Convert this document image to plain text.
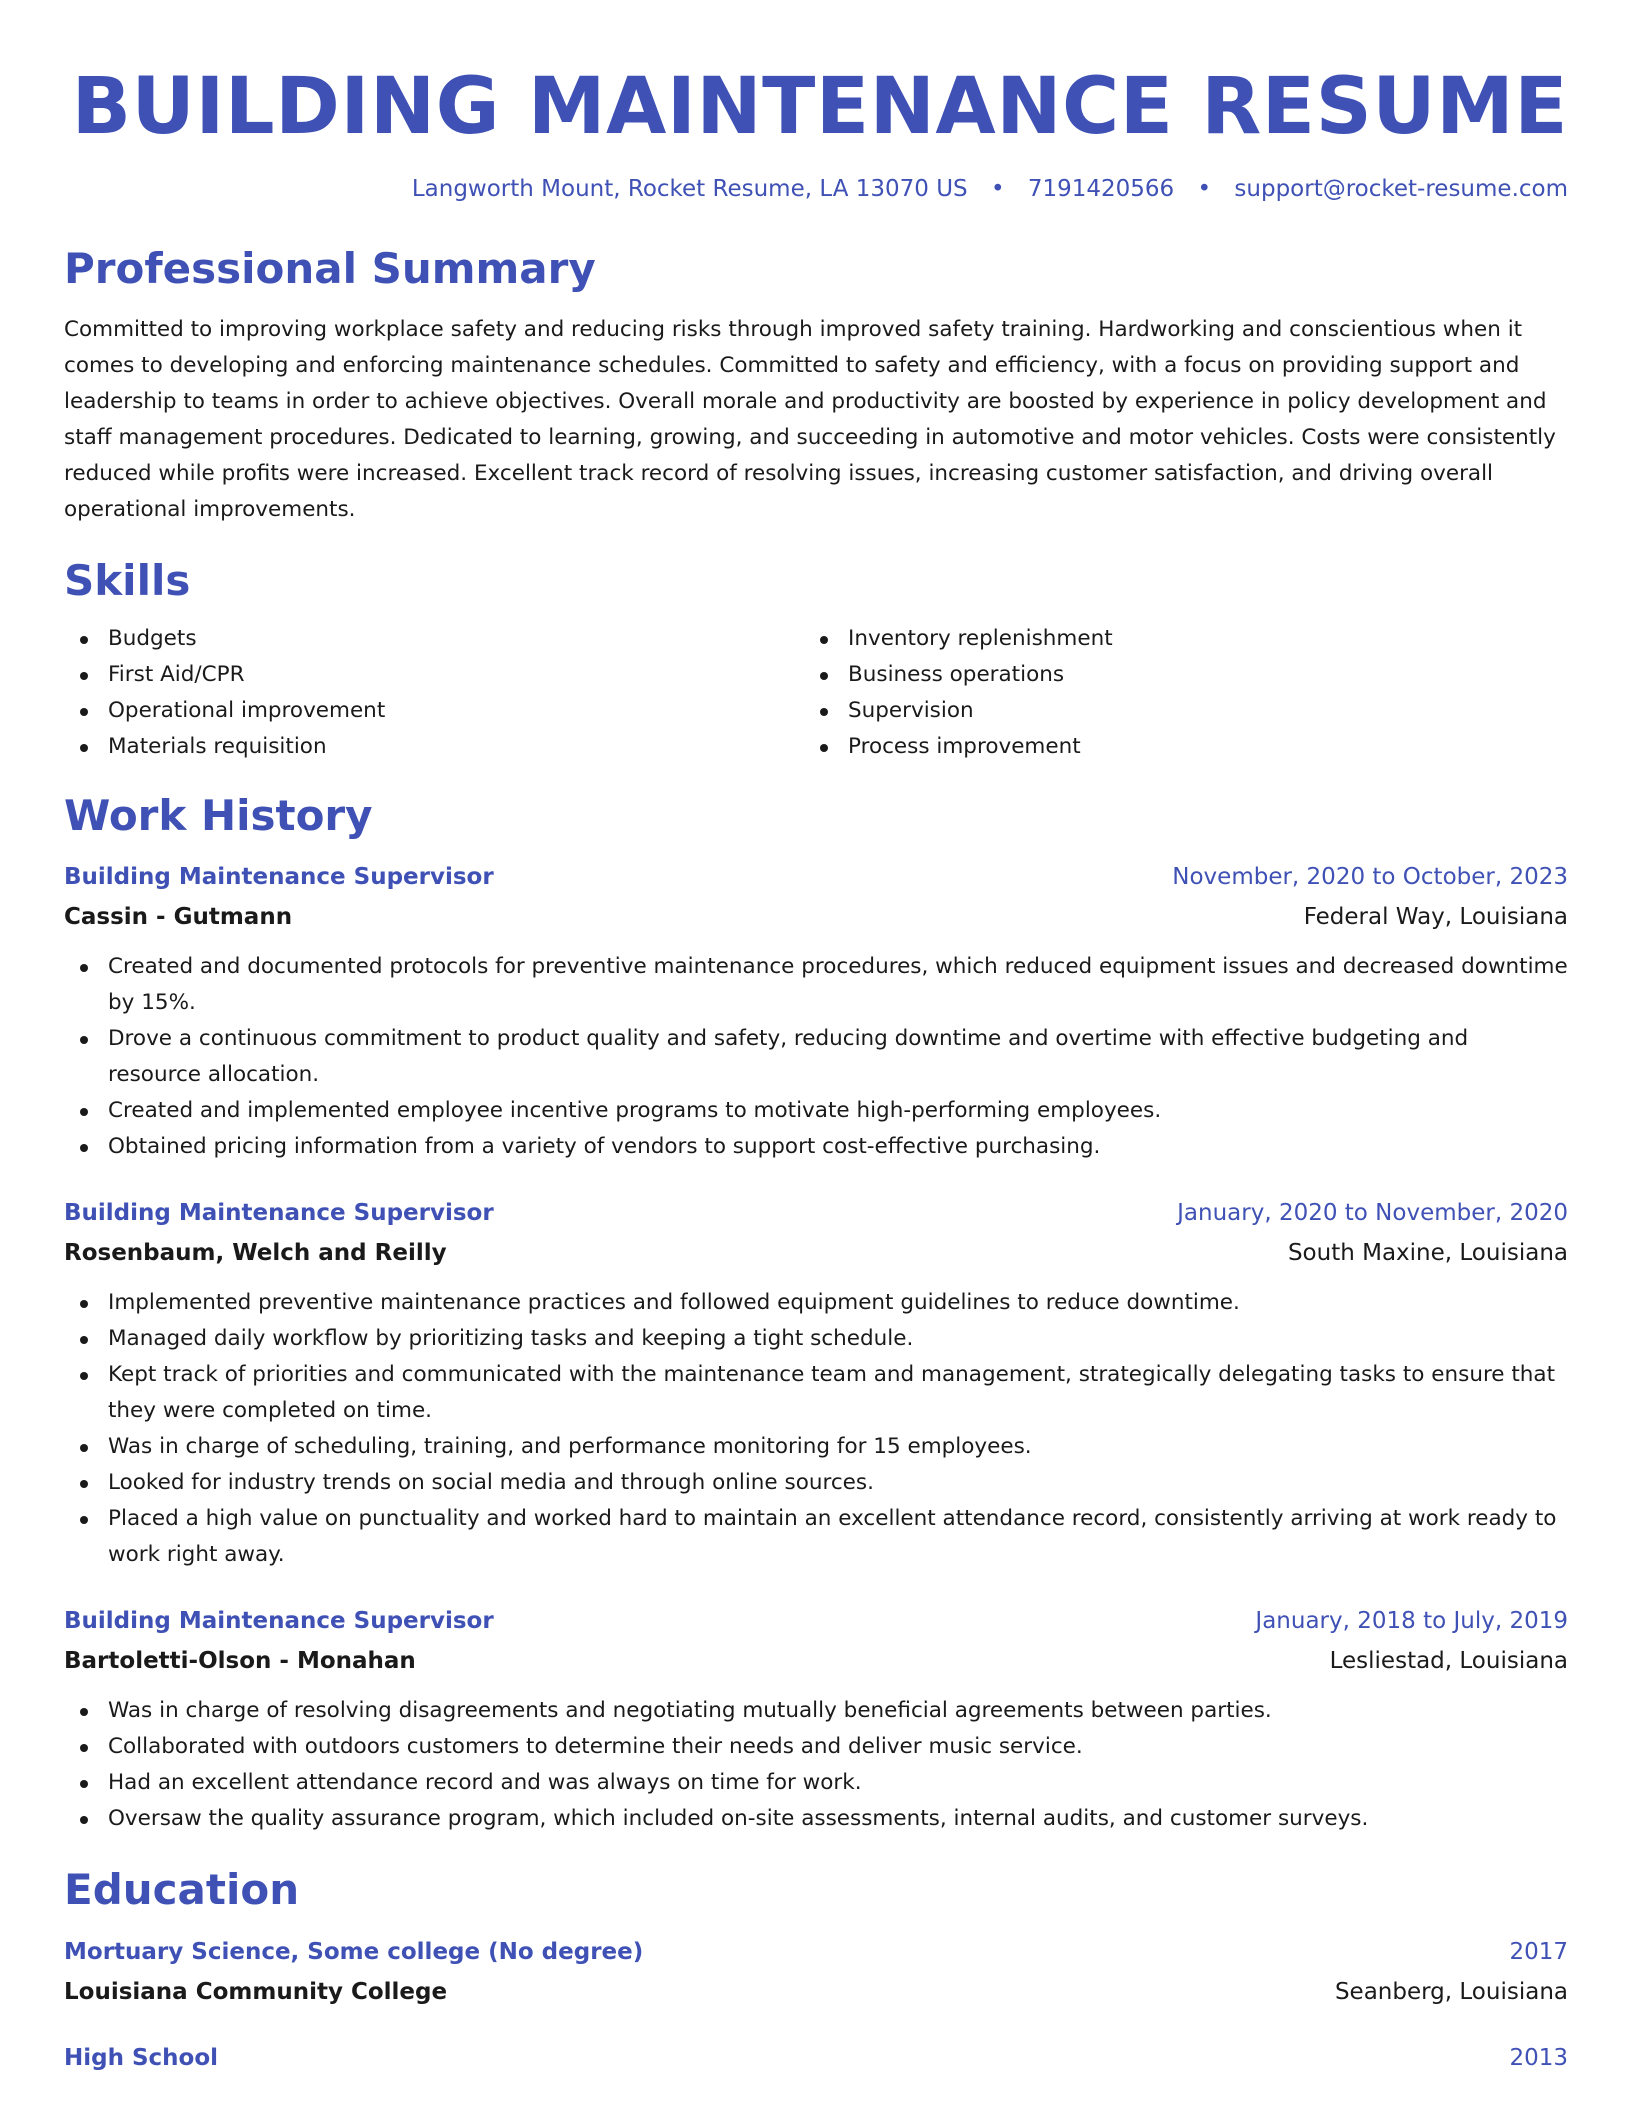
BUILDING MAINTENANCE RESUME
Langworth Mount, Rocket Resume, LA 13070 US • 7191420566 • support@rocket-resume.com
Professional Summary

Committed to improving workplace safety and reducing risks through improved safety training. Hardworking and conscientious when it comes to developing and enforcing maintenance schedules. Committed to safety and efficiency, with a focus on providing support and leadership to teams in order to achieve objectives. Overall morale and productivity are boosted by experience in policy development and staff management procedures. Dedicated to learning, growing, and succeeding in automotive and motor vehicles. Costs were consistently reduced while profits were increased. Excellent track record of resolving issues, increasing customer satisfaction, and driving overall operational improvements.

Skills
Budgets
First Aid/CPR
Operational improvement
Materials requisition
Inventory replenishment
Business operations
Supervision
Process improvement
Work History
Building Maintenance Supervisor	November, 2020 to October, 2023
Cassin - Gutmann	Federal Way, Louisiana
Created and documented protocols for preventive maintenance procedures, which reduced equipment issues and decreased downtime by 15%.
Drove a continuous commitment to product quality and safety, reducing downtime and overtime with effective budgeting and resource allocation.
Created and implemented employee incentive programs to motivate high-performing employees.
Obtained pricing information from a variety of vendors to support cost-effective purchasing.
Building Maintenance Supervisor	January, 2020 to November, 2020
Rosenbaum, Welch and Reilly	South Maxine, Louisiana
Implemented preventive maintenance practices and followed equipment guidelines to reduce downtime.
Managed daily workflow by prioritizing tasks and keeping a tight schedule.
Kept track of priorities and communicated with the maintenance team and management, strategically delegating tasks to ensure that they were completed on time.
Was in charge of scheduling, training, and performance monitoring for 15 employees.
Looked for industry trends on social media and through online sources.
Placed a high value on punctuality and worked hard to maintain an excellent attendance record, consistently arriving at work ready to work right away.
Building Maintenance Supervisor	January, 2018 to July, 2019
Bartoletti-Olson - Monahan	Lesliestad, Louisiana
Was in charge of resolving disagreements and negotiating mutually beneficial agreements between parties.
Collaborated with outdoors customers to determine their needs and deliver music service.
Had an excellent attendance record and was always on time for work.
Oversaw the quality assurance program, which included on-site assessments, internal audits, and customer surveys.
Education
Mortuary Science, Some college (No degree)	2017
Louisiana Community College	Seanberg, Louisiana
High School	2013
